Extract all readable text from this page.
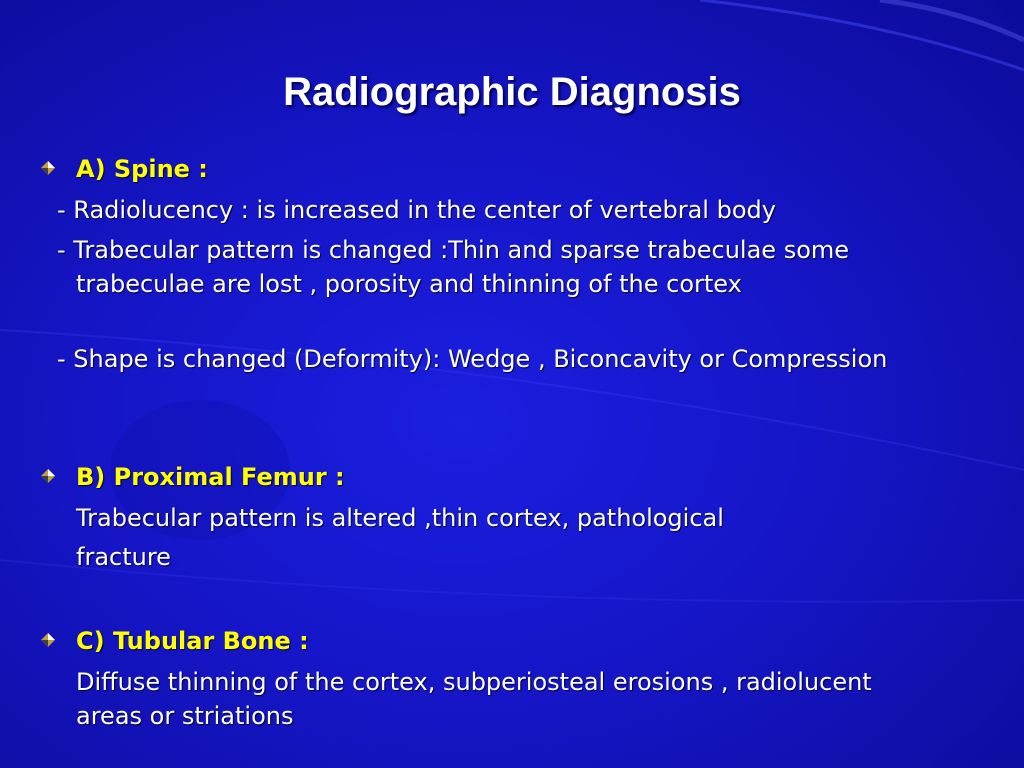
Radiographic Diagnosis
A) Spine :
- Radiolucency : is increased in the center of vertebral body
- Trabecular pattern is changed :Thin and sparse trabeculae some trabeculae are lost , porosity and thinning of the cortex
- Shape is changed (Deformity): Wedge , Biconcavity or Compression
B) Proximal Femur :
Trabecular pattern is altered ,thin cortex, pathological
fracture
C) Tubular Bone :
Diffuse thinning of the cortex, subperiosteal erosions , radiolucent areas or striations
